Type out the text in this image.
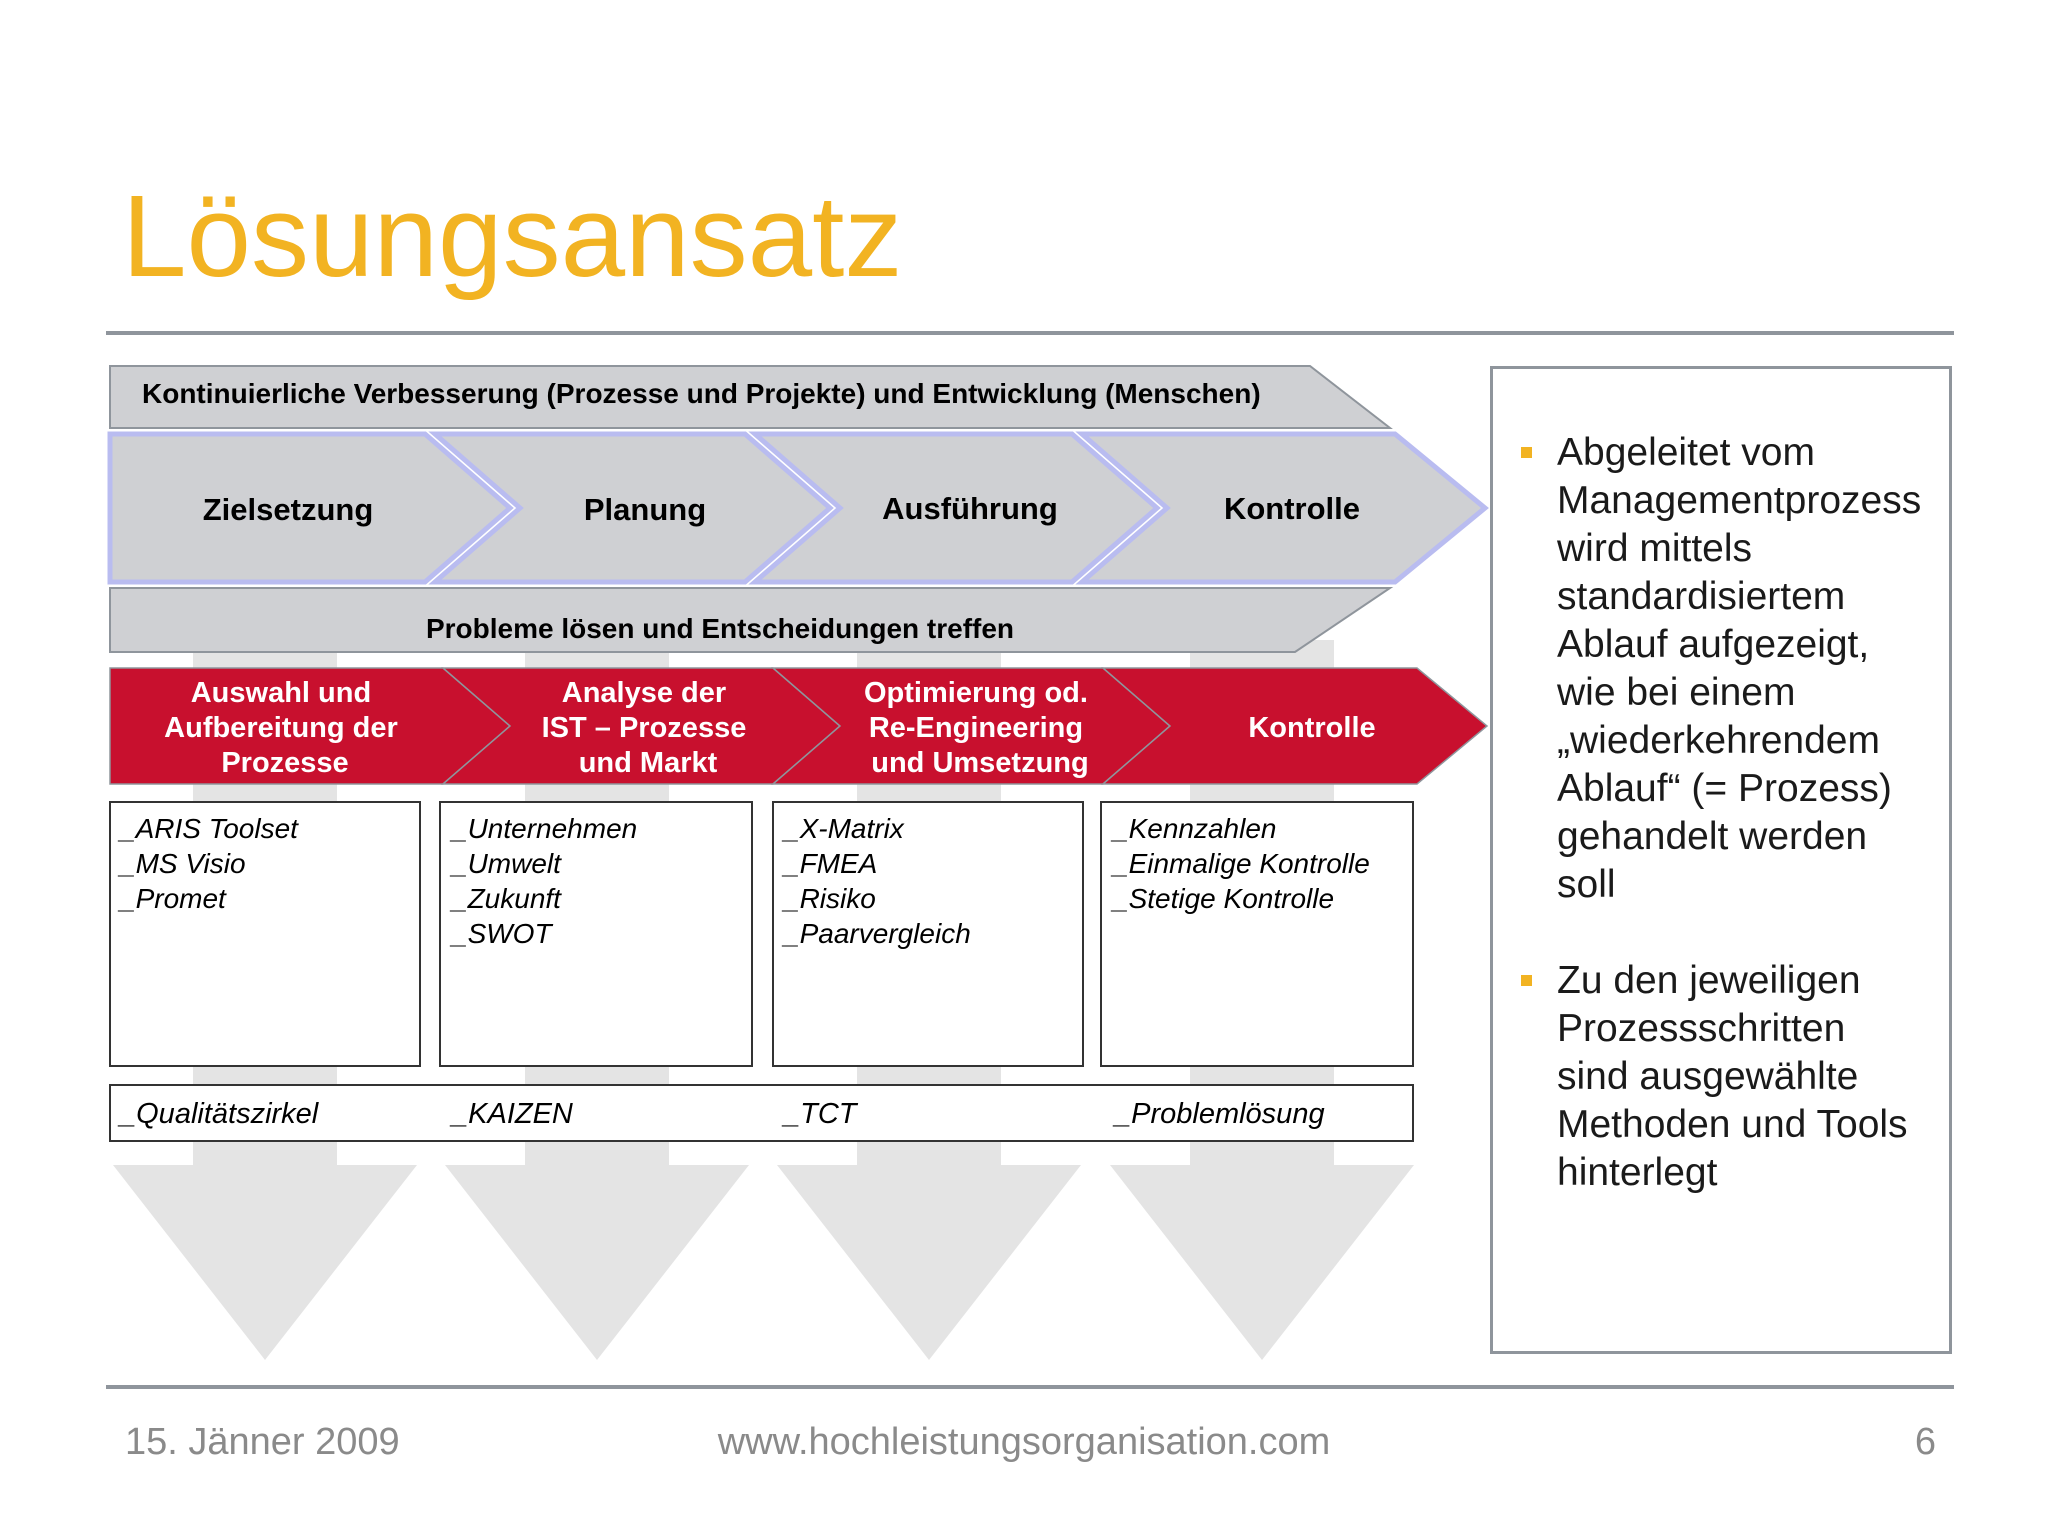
Lösungsansatz
Kontinuierliche Verbesserung (Prozesse und Projekte) und Entwicklung (Menschen)
Probleme lösen und Entscheidungen treffen
Zielsetzung	Planung	Ausführung	Kontrolle
Auswahl und Aufbereitung der Prozesse
Analyse der IST – Prozesse und Markt
Optimierung od. Re-Engineering und Umsetzung
Kontrolle
_ARIS Toolset
_MS Visio
_Promet
_Unternehmen
_Umwelt
_Zukunft
_SWOT
_X-Matrix
_FMEA
_Risiko
_Paarvergleich
_Kennzahlen
_Einmalige Kontrolle
_Stetige Kontrolle
_Qualitätszirkel	_KAIZEN	_TCT	_Problemlösung
Abgeleitet vom
Managementprozess
wird mittels
standardisiertem
Ablauf aufgezeigt,
wie bei einem
„wiederkehrendem
Ablauf“ (= Prozess)
gehandelt werden
soll
Zu den jeweiligen
Prozessschritten
sind ausgewählte
Methoden und Tools
hinterlegt
15. Jänner 2009	www.hochleistungsorganisation.com	6
